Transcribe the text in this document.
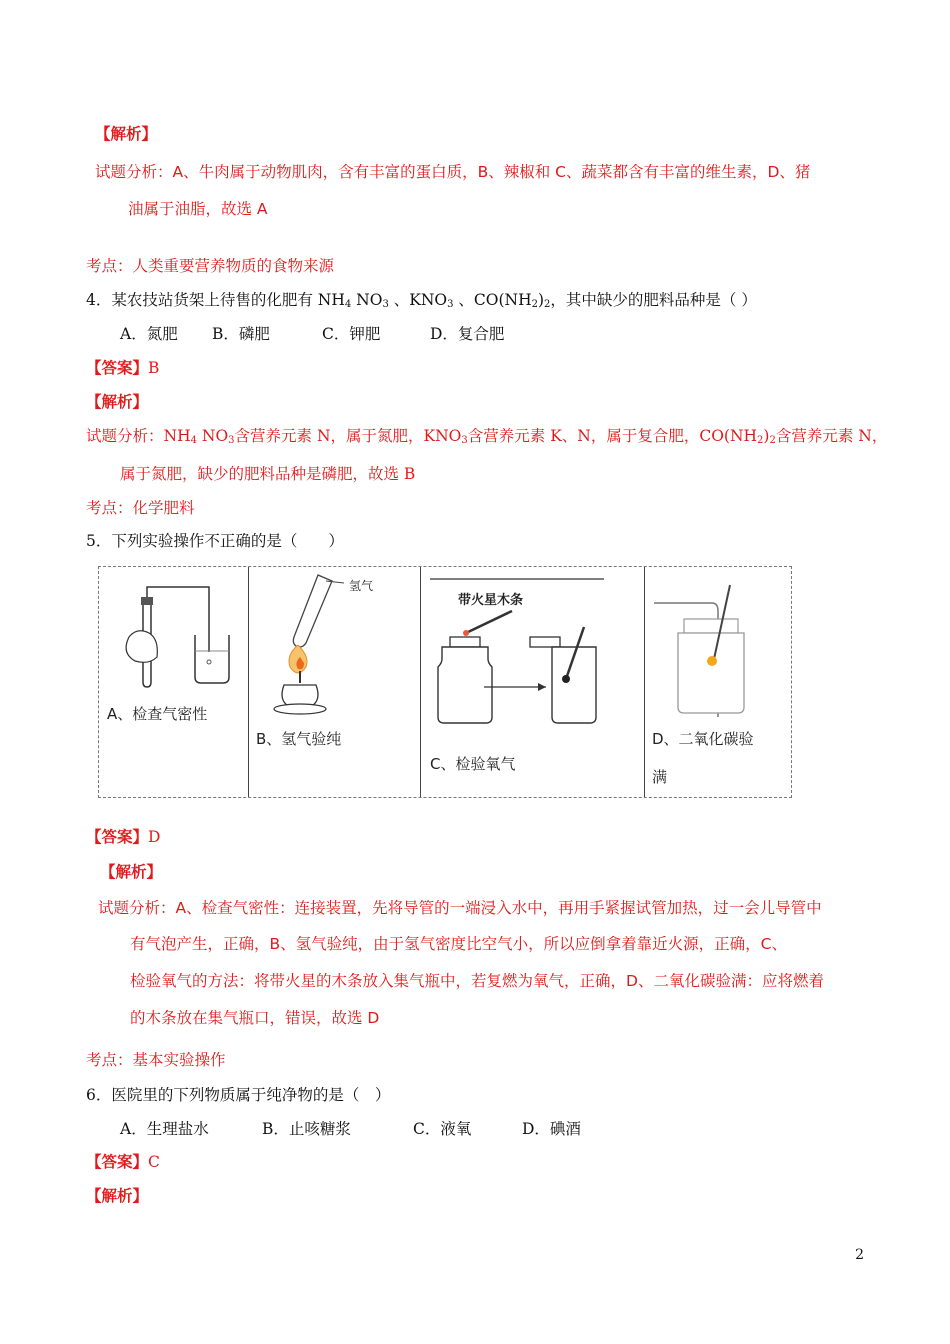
【解析】
试题分析：A、牛肉属于动物肌肉，含有丰富的蛋白质，B、辣椒和 C、蔬菜都含有丰富的维生素，D、猪
油属于油脂，故选 A
考点：人类重要营养物质的食物来源
4．某农技站货架上待售的化肥有 $NH_4$ $NO_3$ 、$KNO_3$ 、$CO(NH_2)_2$，其中缺少的肥料品种是（ ）
A．氮肥 B．磷肥	C．钾肥	D．复合肥
【答案】B
【解析】
试题分析：$NH_4$ $NO_3$含营养元素 N，属于氮肥，$KNO_3$含营养元素 K、N，属于复合肥，$CO(NH_2)_2$含营养元素 N，
属于氮肥，缺少的肥料品种是磷肥，故选 B
考点：化学肥料
5．下列实验操作不正确的是（　　）
A、检查气密性
氢气
B、氢气验纯
带火星木条
C、检验氧气
D、二氧化碳验
满
【答案】D
【解析】
试题分析：A、检查气密性：连接装置，先将导管的一端浸入水中，再用手紧握试管加热，过一会儿导管中
有气泡产生，正确，B、氢气验纯，由于氢气密度比空气小，所以应倒拿着靠近火源，正确，C、
检验氧气的方法：将带火星的木条放入集气瓶中，若复燃为氧气，正确，D、二氧化碳验满：应将燃着
的木条放在集气瓶口，错误，故选 D
考点：基本实验操作
6．医院里的下列物质属于纯净物的是（　）
A．生理盐水	B．止咳糖浆	C．液氧	D．碘酒
【答案】C
【解析】
2
